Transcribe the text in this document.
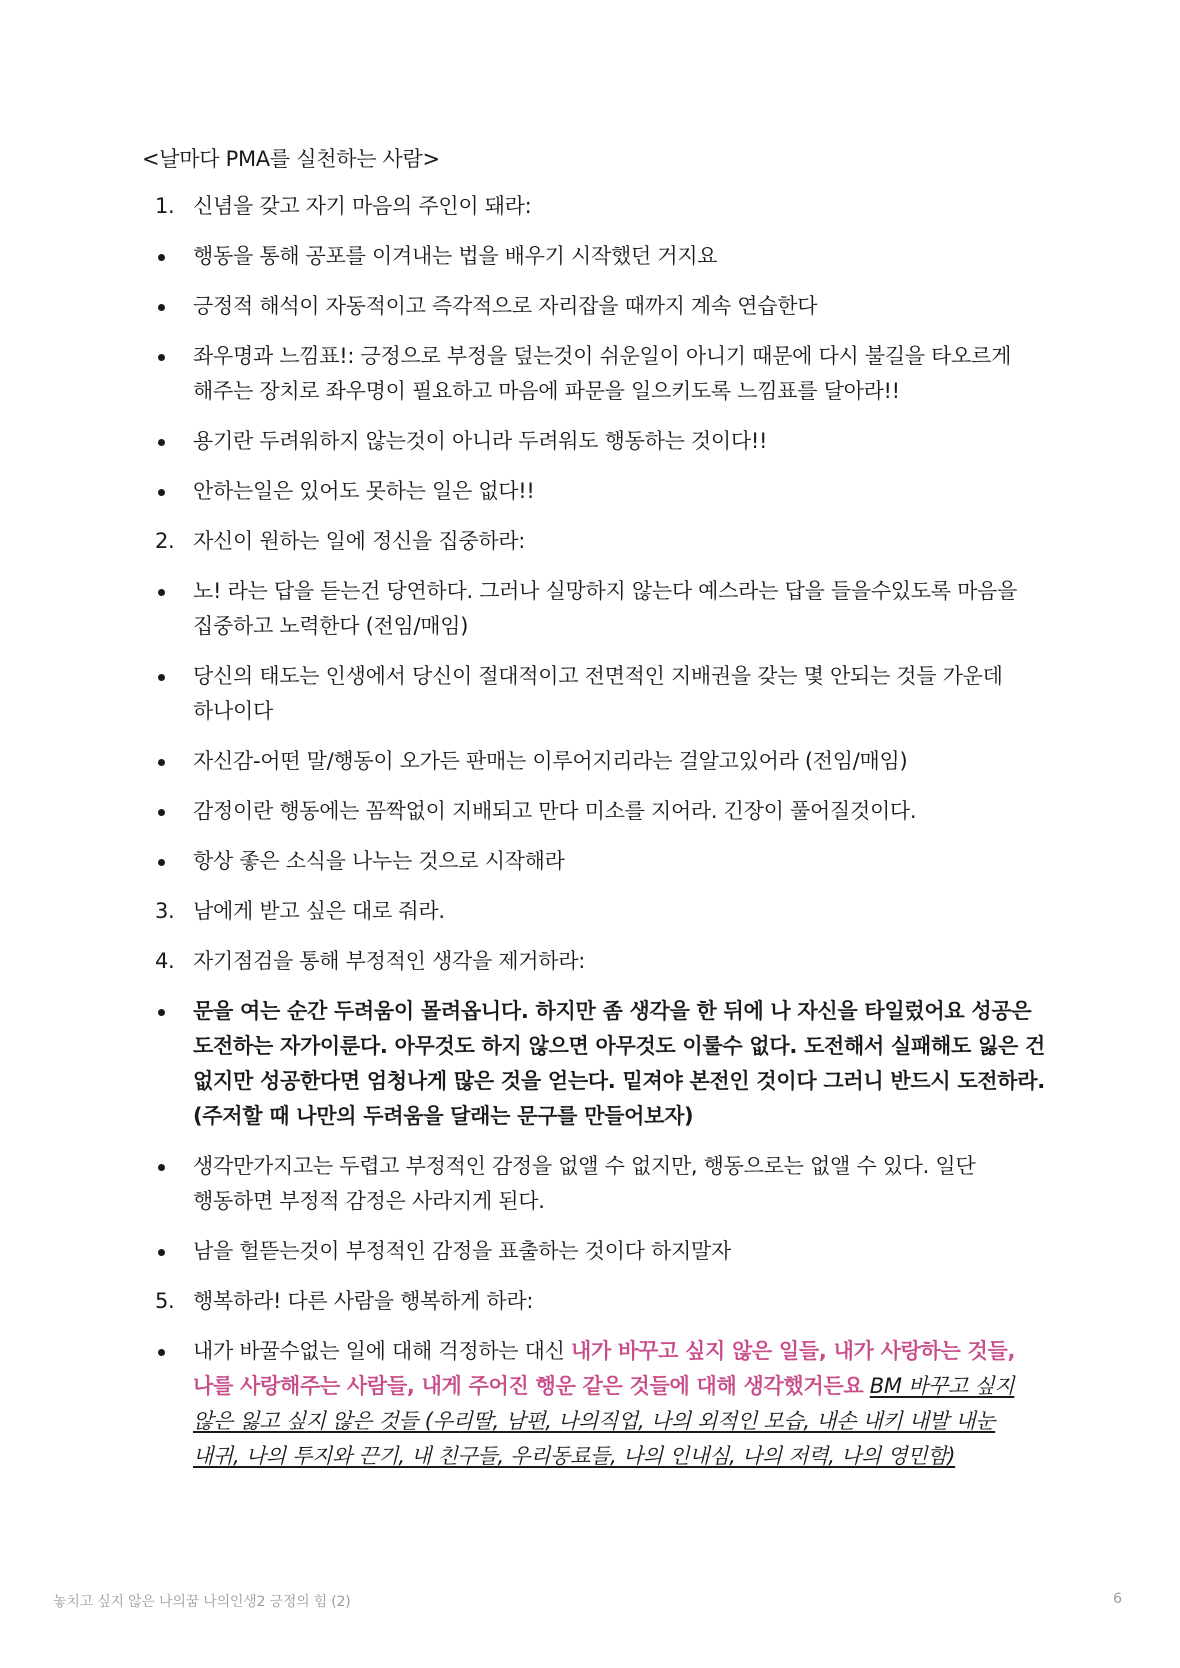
<날마다 PMA를 실천하는 사람>
1. 신념을 갖고 자기 마음의 주인이 돼라:
행동을 통해 공포를 이겨내는 법을 배우기 시작했던 거지요
긍정적 해석이 자동적이고 즉각적으로 자리잡을 때까지 계속 연습한다
좌우명과 느낌표!: 긍정으로 부정을 덮는것이 쉬운일이 아니기 때문에 다시 불길을 타오르게 해주는 장치로 좌우명이 필요하고 마음에 파문을 일으키도록 느낌표를 달아라!!
용기란 두려워하지 않는것이 아니라 두려워도 행동하는 것이다!!
안하는일은 있어도 못하는 일은 없다!!
2. 자신이 원하는 일에 정신을 집중하라:
노! 라는 답을 듣는건 당연하다. 그러나 실망하지 않는다 예스라는 답을 들을수있도록 마음을 집중하고 노력한다 (전임/매임)
당신의 태도는 인생에서 당신이 절대적이고 전면적인 지배권을 갖는 몇 안되는 것들 가운데 하나이다
자신감-어떤 말/행동이 오가든 판매는 이루어지리라는 걸알고있어라 (전임/매임)
감정이란 행동에는 꼼짝없이 지배되고 만다 미소를 지어라. 긴장이 풀어질것이다.
항상 좋은 소식을 나누는 것으로 시작해라
3. 남에게 받고 싶은 대로 줘라.
4. 자기점검을 통해 부정적인 생각을 제거하라:
문을 여는 순간 두려움이 몰려옵니다. 하지만 좀 생각을 한 뒤에 나 자신을 타일렀어요 성공은 도전하는 자가이룬다. 아무것도 하지 않으면 아무것도 이룰수 없다. 도전해서 실패해도 잃은 건 없지만 성공한다면 엄청나게 많은 것을 얻는다. 밑져야 본전인 것이다 그러니 반드시 도전하라. (주저할 때 나만의 두려움을 달래는 문구를 만들어보자)
생각만가지고는 두렵고 부정적인 감정을 없앨 수 없지만, 행동으로는 없앨 수 있다. 일단 행동하면 부정적 감정은 사라지게 된다.
남을 헐뜯는것이 부정적인 감정을 표출하는 것이다 하지말자
5. 행복하라! 다른 사람을 행복하게 하라:
내가 바꿀수없는 일에 대해 걱정하는 대신 내가 바꾸고 싶지 않은 일들, 내가 사랑하는 것들, 나를 사랑해주는 사람들, 내게 주어진 행운 같은 것들에 대해 생각했거든요 BM 바꾸고 싶지 않은 잃고 싶지 않은 것들 (우리딸, 남편, 나의직업, 나의 외적인 모습, 내손 내키 내발 내눈 내귀, 나의 투지와 끈기, 내 친구들, 우리동료들, 나의 인내심, 나의 저력, 나의 영민함)
놓치고 싶지 않은 나의꿈 나의인생2 긍정의 힘 (2)	6
